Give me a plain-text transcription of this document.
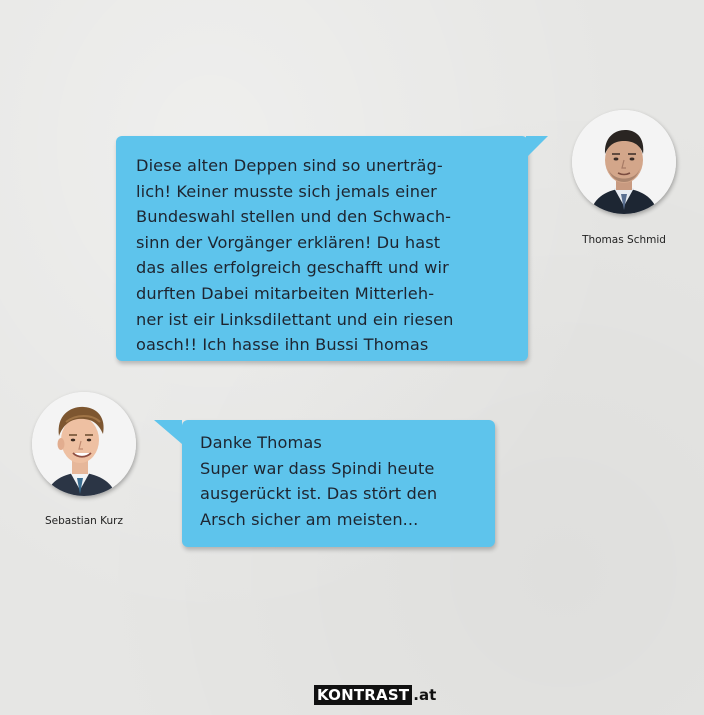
Diese alten Deppen sind so unerträg-
lich! Keiner musste sich jemals einer
Bundeswahl stellen und den Schwach-
sinn der Vorgänger erklären! Du hast
das alles erfolgreich geschafft und wir
durften Dabei mitarbeiten Mitterleh-
ner ist eir Linksdilettant und ein riesen
oasch!! Ich hasse ihn Bussi Thomas
Thomas Schmid
Sebastian Kurz
Danke Thomas
Super war dass Spindi heute
ausgerückt ist. Das stört den
Arsch sicher am meisten...
KONTRAST .at
